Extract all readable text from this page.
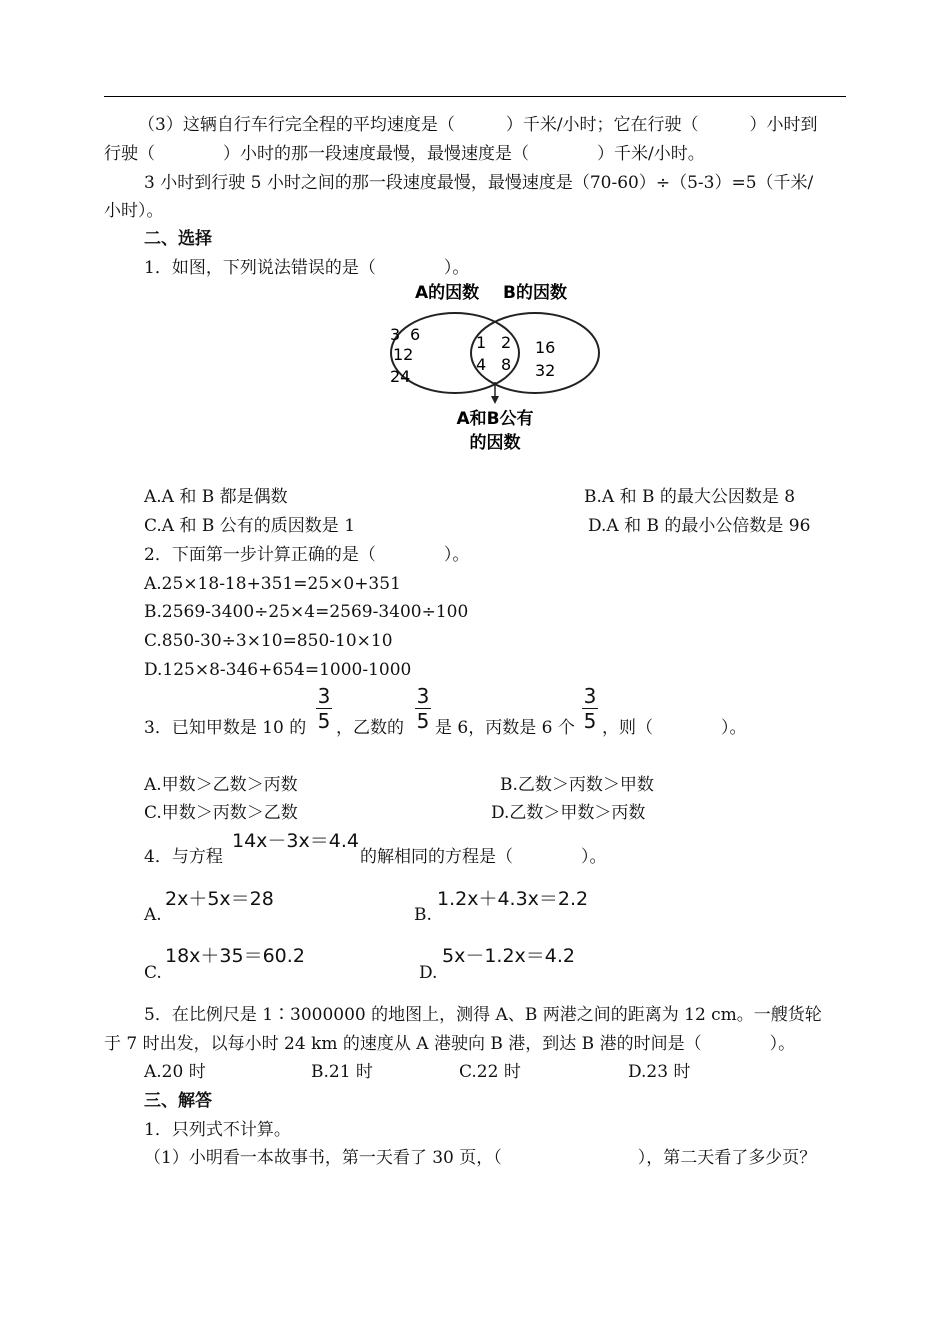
（3）这辆自行车行完全程的平均速度是（　　　）千米/小时；它在行驶（　　　）小时到
行驶（　　　　）小时的那一段速度最慢，最慢速度是（　　　　）千米/小时。
3 小时到行驶 5 小时之间的那一段速度最慢，最慢速度是（70-60）÷（5-3）=5（千米/
小时）。
二、选择
1．如图，下列说法错误的是（　　　　）。
A的因数 B的因数
3 6
12
24
1 2
4 8
16
32
A和B公有
的因数
A.A 和 B 都是偶数	B.A 和 B 的最大公因数是 8
C.A 和 B 公有的质因数是 1	D.A 和 B 的最小公倍数是 96
2．下面第一步计算正确的是（　　　　）。
A.25×18-18+351=25×0+351
B.2569-3400÷25×4=2569-3400÷100
C.850-30÷3×10=850-10×10
D.125×8-346+654=1000-1000
3．已知甲数是 10 的
3
5 ，乙数的
3
5 是 6，丙数是 6 个
3
5 ，则（　　　　）。
A.甲数＞乙数＞丙数	B.乙数＞丙数＞甲数
C.甲数＞丙数＞乙数	D.乙数＞甲数＞丙数
4．与方程
14x－3x＝4.4
的解相同的方程是（　　　　）。
A.
2x＋5x＝28
B.
1.2x＋4.3x＝2.2
C.
18x＋35＝60.2
D.
5x－1.2x＝4.2
5．在比例尺是 1∶3000000 的地图上，测得 A、B 两港之间的距离为 12 cm。一艘货轮
于 7 时出发，以每小时 24 km 的速度从 A 港驶向 B 港，到达 B 港的时间是（　　　　）。
A.20 时	B.21 时	C.22 时	D.23 时
三、解答
1．只列式不计算。
（1）小明看一本故事书，第一天看了 30 页，（　　　　　　　　），第二天看了多少页？
